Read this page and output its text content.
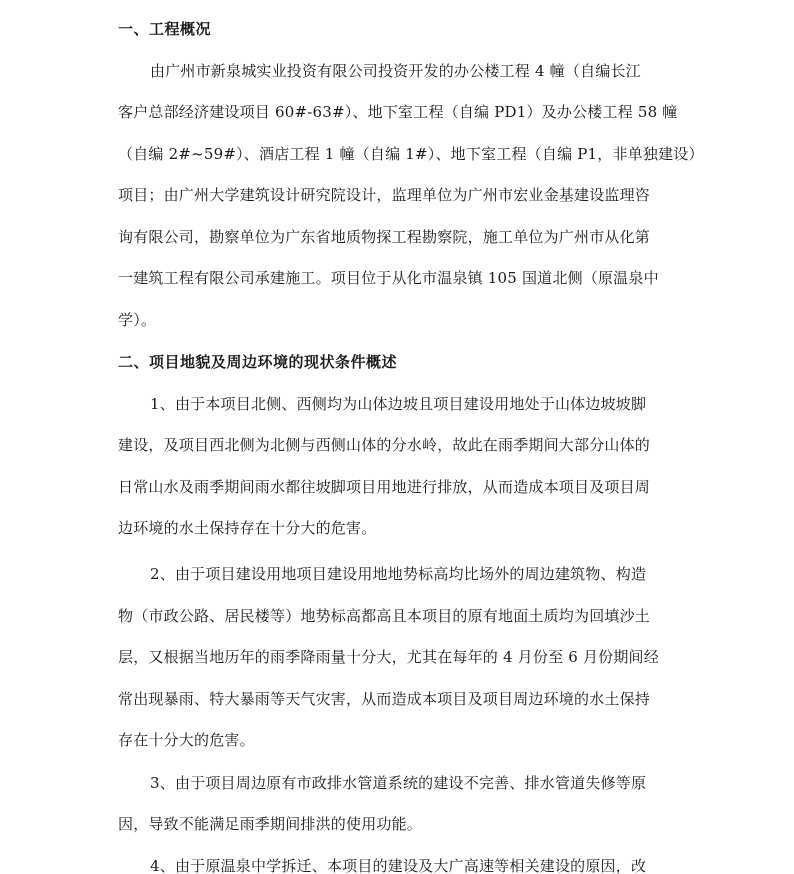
一、工程概况
由广州市新泉城实业投资有限公司投资开发的办公楼工程 4 幢（自编长江
客户总部经济建设项目 60#-63#）、地下室工程（自编 PD1）及办公楼工程 58 幢
（自编 2#~59#）、酒店工程 1 幢（自编 1#）、地下室工程（自编 P1，非单独建设）
项目；由广州大学建筑设计研究院设计，监理单位为广州市宏业金基建设监理咨
询有限公司，勘察单位为广东省地质物探工程勘察院，施工单位为广州市从化第
一建筑工程有限公司承建施工。项目位于从化市温泉镇 105 国道北侧（原温泉中
学）。
二、项目地貌及周边环境的现状条件概述
1、由于本项目北侧、西侧均为山体边坡且项目建设用地处于山体边坡坡脚
建设，及项目西北侧为北侧与西侧山体的分水岭，故此在雨季期间大部分山体的
日常山水及雨季期间雨水都往坡脚项目用地进行排放，从而造成本项目及项目周
边环境的水土保持存在十分大的危害。
2、由于项目建设用地项目建设用地地势标高均比场外的周边建筑物、构造
物（市政公路、居民楼等）地势标高都高且本项目的原有地面土质均为回填沙土
层，又根据当地历年的雨季降雨量十分大，尤其在每年的 4 月份至 6 月份期间经
常出现暴雨、特大暴雨等天气灾害，从而造成本项目及项目周边环境的水土保持
存在十分大的危害。
3、由于项目周边原有市政排水管道系统的建设不完善、排水管道失修等原
因，导致不能满足雨季期间排洪的使用功能。
4、由于原温泉中学拆迁、本项目的建设及大广高速等相关建设的原因，改
